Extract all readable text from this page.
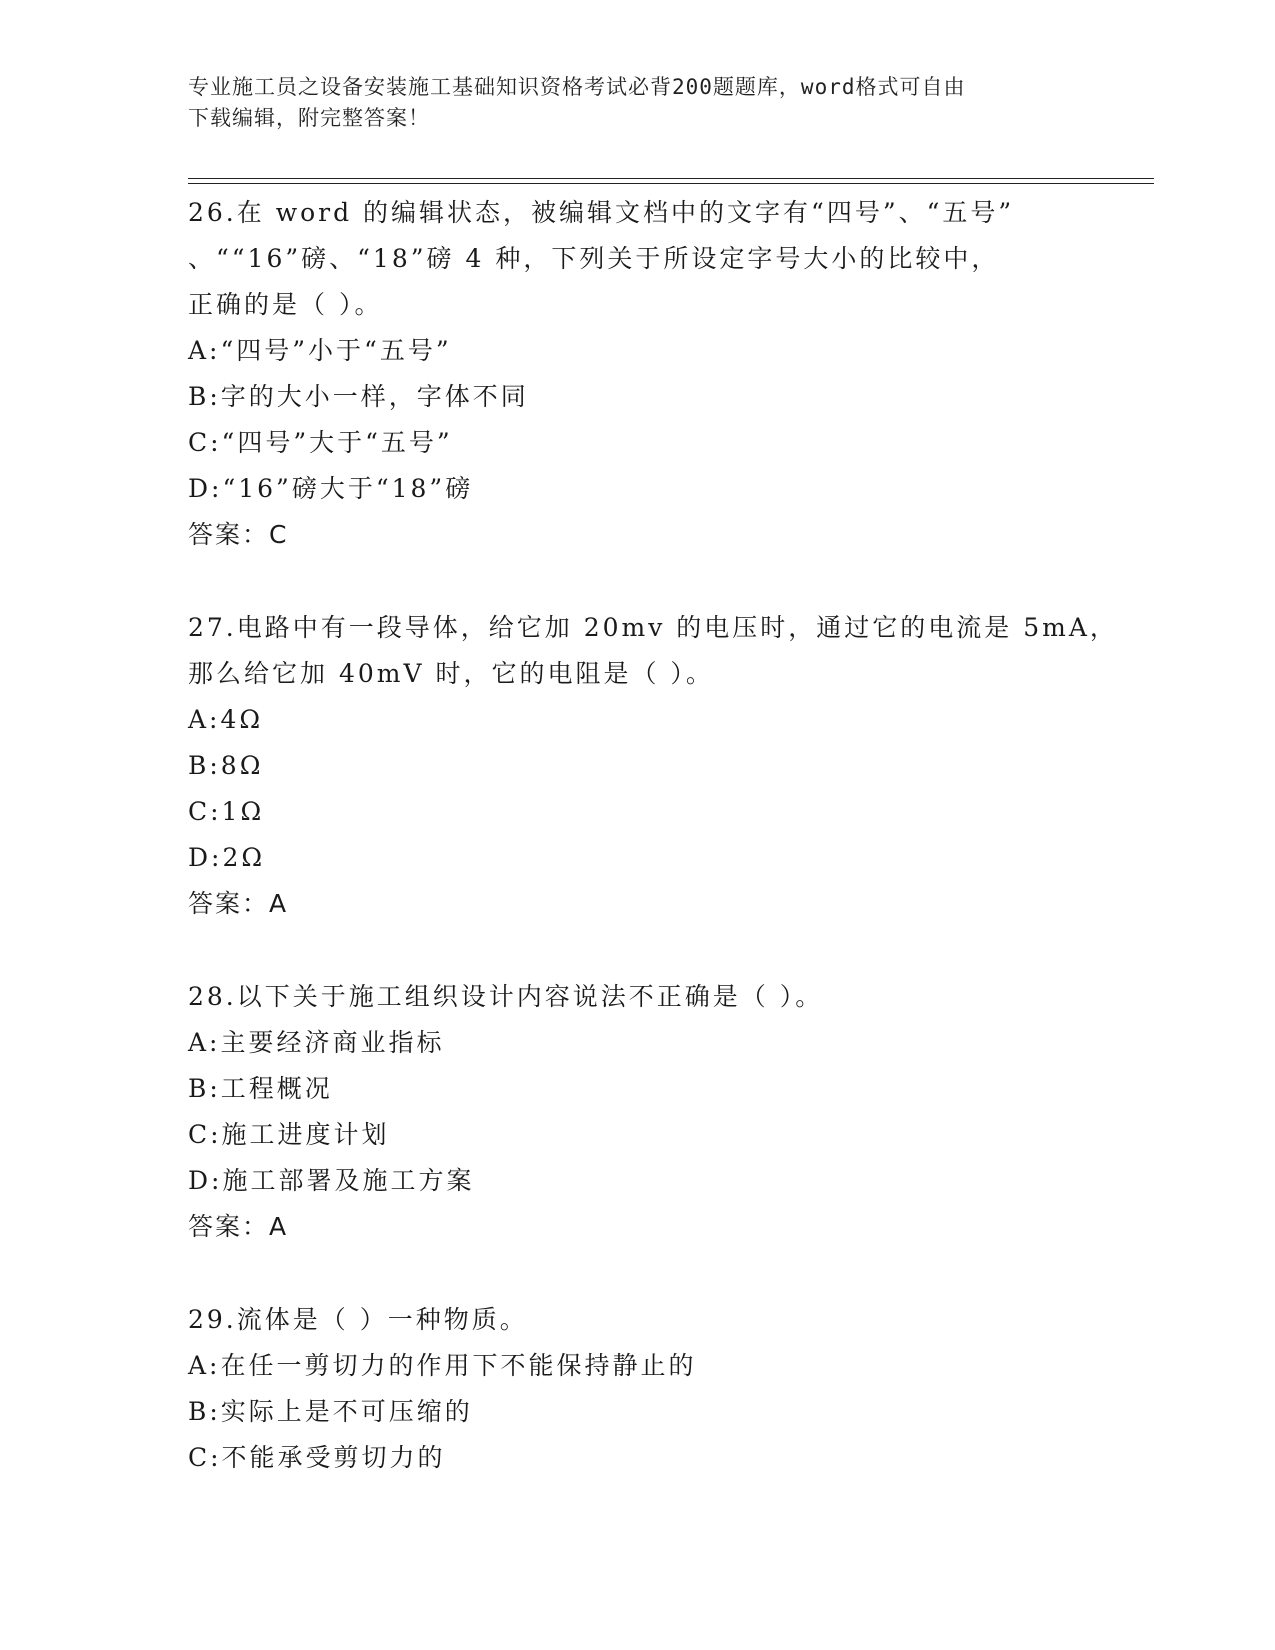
专业施工员之设备安装施工基础知识资格考试必背200题题库，word格式可自由
下载编辑，附完整答案！
26.在 word 的编辑状态，被编辑文档中的文字有“四号”、“五号”
、““16”磅、“18”磅 4 种，下列关于所设定字号大小的比较中，
正确的是（ ）。
A:“四号”小于“五号”
B:字的大小一样，字体不同
C:“四号”大于“五号”
D:“16”磅大于“18”磅
答案：C
27.电路中有一段导体，给它加 20mv 的电压时，通过它的电流是 5mA，
那么给它加 40mV 时，它的电阻是（ ）。
A:4Ω
B:8Ω
C:1Ω
D:2Ω
答案：A
28.以下关于施工组织设计内容说法不正确是（ ）。
A:主要经济商业指标
B:工程概况
C:施工进度计划
D:施工部署及施工方案
答案：A
29.流体是（ ）一种物质。
A:在任一剪切力的作用下不能保持静止的
B:实际上是不可压缩的
C:不能承受剪切力的
